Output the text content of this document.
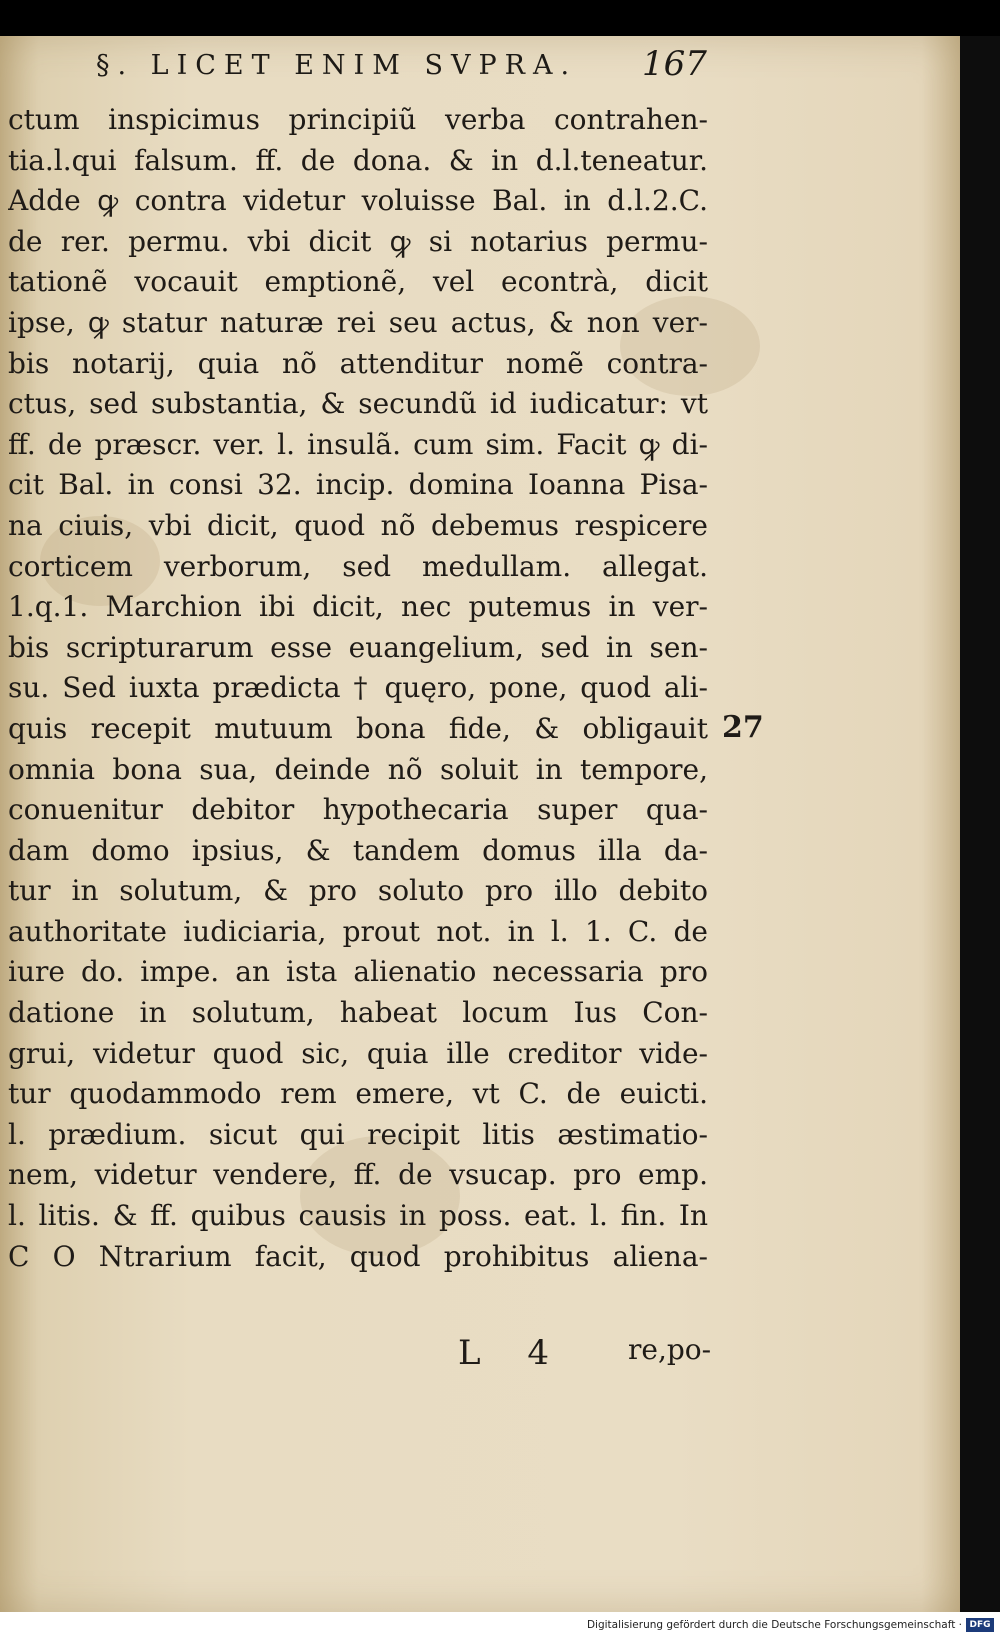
§. LICET ENIM SVPRA. 167
ctum inspicimus principiũ verba contrahen-
tia.l.qui falsum. ff. de dona. & in d.l.teneatur.
Adde ꝙ contra videtur voluisse Bal. in d.l.2.C.
de rer. permu. vbi dicit ꝙ si notarius permu-
tationẽ vocauit emptionẽ, vel econtrà, dicit
ipse, ꝙ statur naturæ rei seu actus, & non ver-
bis notarij, quia nõ attenditur nomẽ contra-
ctus, sed substantia, & secundũ id iudicatur: vt
ff. de præscr. ver. l. insulã. cum sim. Facit ꝙ di-
cit Bal. in consi 32. incip. domina Ioanna Pisa-
na ciuis, vbi dicit, quod nõ debemus respicere
corticem verborum, sed medullam. allegat.
1.q.1. Marchion ibi dicit, nec putemus in ver-
bis scripturarum esse euangelium, sed in sen-
su. Sed iuxta prædicta † quęro, pone, quod ali-
quis recepit mutuum bona fide, & obligauit
omnia bona sua, deinde nõ soluit in tempore,
conuenitur debitor hypothecaria super qua-
dam domo ipsius, & tandem domus illa da-
tur in solutum, & pro soluto pro illo debito
authoritate iudiciaria, prout not. in l. 1. C. de
iure do. impe. an ista alienatio necessaria pro
datione in solutum, habeat locum Ius Con-
grui, videtur quod sic, quia ille creditor vide-
tur quodammodo rem emere, vt C. de euicti.
l. prædium. sicut qui recipit litis æstimatio-
nem, videtur vendere, ff. de vsucap. pro emp.
l. litis. & ff. quibus causis in poss. eat. l. fin. In
C O Ntrarium facit, quod prohibitus aliena-
27
L 4 re,po-
Digitalisierung gefördert durch die Deutsche Forschungsgemeinschaft · DFG
